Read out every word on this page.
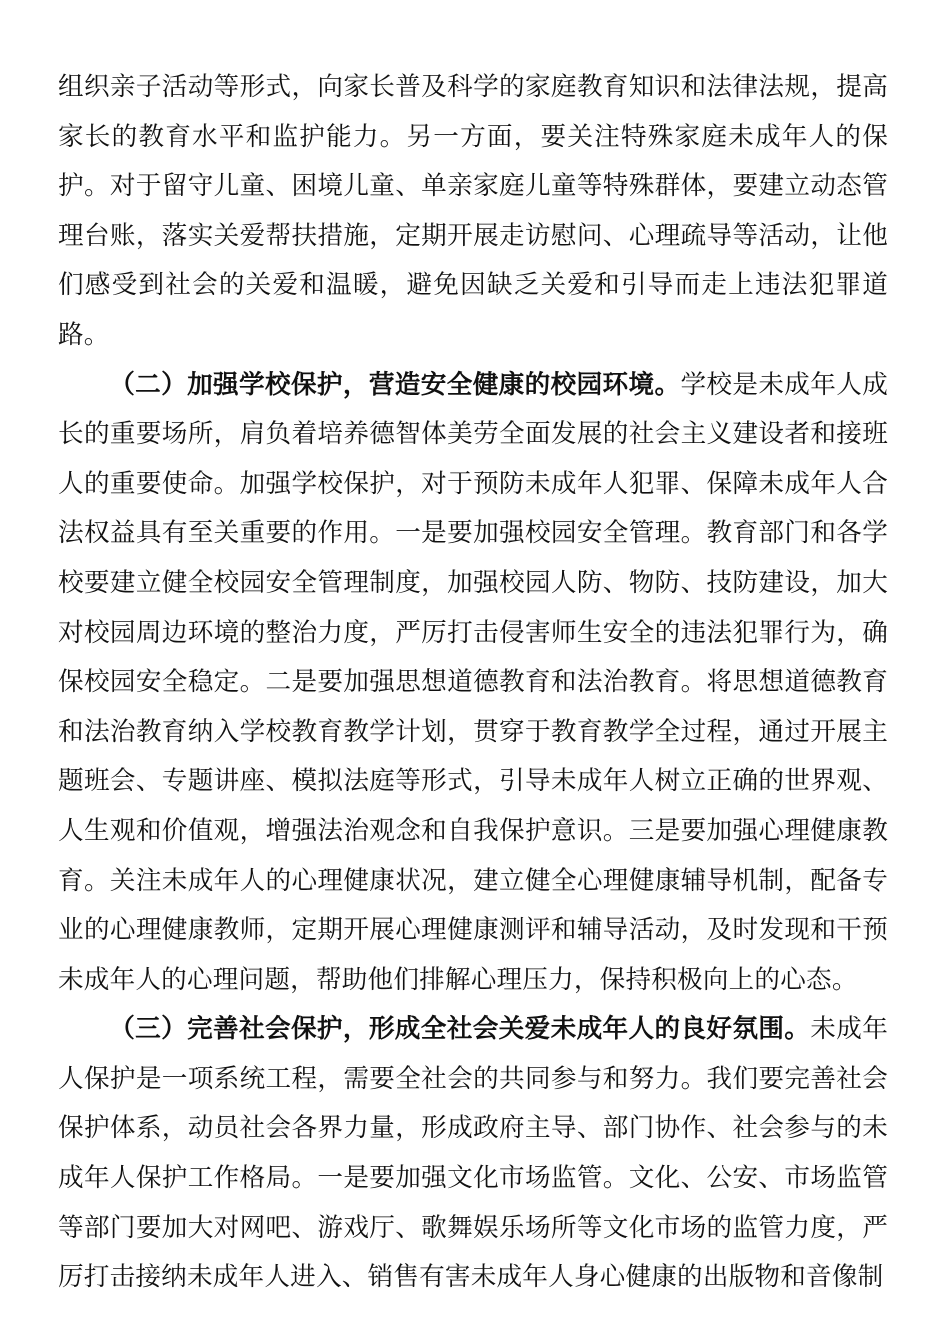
组织亲子活动等形式，向家长普及科学的家庭教育知识和法律法规，提高家长的教育水平和监护能力。另一方面，要关注特殊家庭未成年人的保护。对于留守儿童、困境儿童、单亲家庭儿童等特殊群体，要建立动态管理台账，落实关爱帮扶措施，定期开展走访慰问、心理疏导等活动，让他们感受到社会的关爱和温暖，避免因缺乏关爱和引导而走上违法犯罪道路。

（二）加强学校保护，营造安全健康的校园环境。学校是未成年人成长的重要场所，肩负着培养德智体美劳全面发展的社会主义建设者和接班人的重要使命。加强学校保护，对于预防未成年人犯罪、保障未成年人合法权益具有至关重要的作用。一是要加强校园安全管理。教育部门和各学校要建立健全校园安全管理制度，加强校园人防、物防、技防建设，加大对校园周边环境的整治力度，严厉打击侵害师生安全的违法犯罪行为，确保校园安全稳定。二是要加强思想道德教育和法治教育。将思想道德教育和法治教育纳入学校教育教学计划，贯穿于教育教学全过程，通过开展主题班会、专题讲座、模拟法庭等形式，引导未成年人树立正确的世界观、人生观和价值观，增强法治观念和自我保护意识。三是要加强心理健康教育。关注未成年人的心理健康状况，建立健全心理健康辅导机制，配备专业的心理健康教师，定期开展心理健康测评和辅导活动，及时发现和干预未成年人的心理问题，帮助他们排解心理压力，保持积极向上的心态。

（三）完善社会保护，形成全社会关爱未成年人的良好氛围。未成年人保护是一项系统工程，需要全社会的共同参与和努力。我们要完善社会保护体系，动员社会各界力量，形成政府主导、部门协作、社会参与的未成年人保护工作格局。一是要加强文化市场监管。文化、公安、市场监管等部门要加大对网吧、游戏厅、歌舞娱乐场所等文化市场的监管力度，严厉打击接纳未成年人进入、销售有害未成年人身心健康的出版物和音像制
